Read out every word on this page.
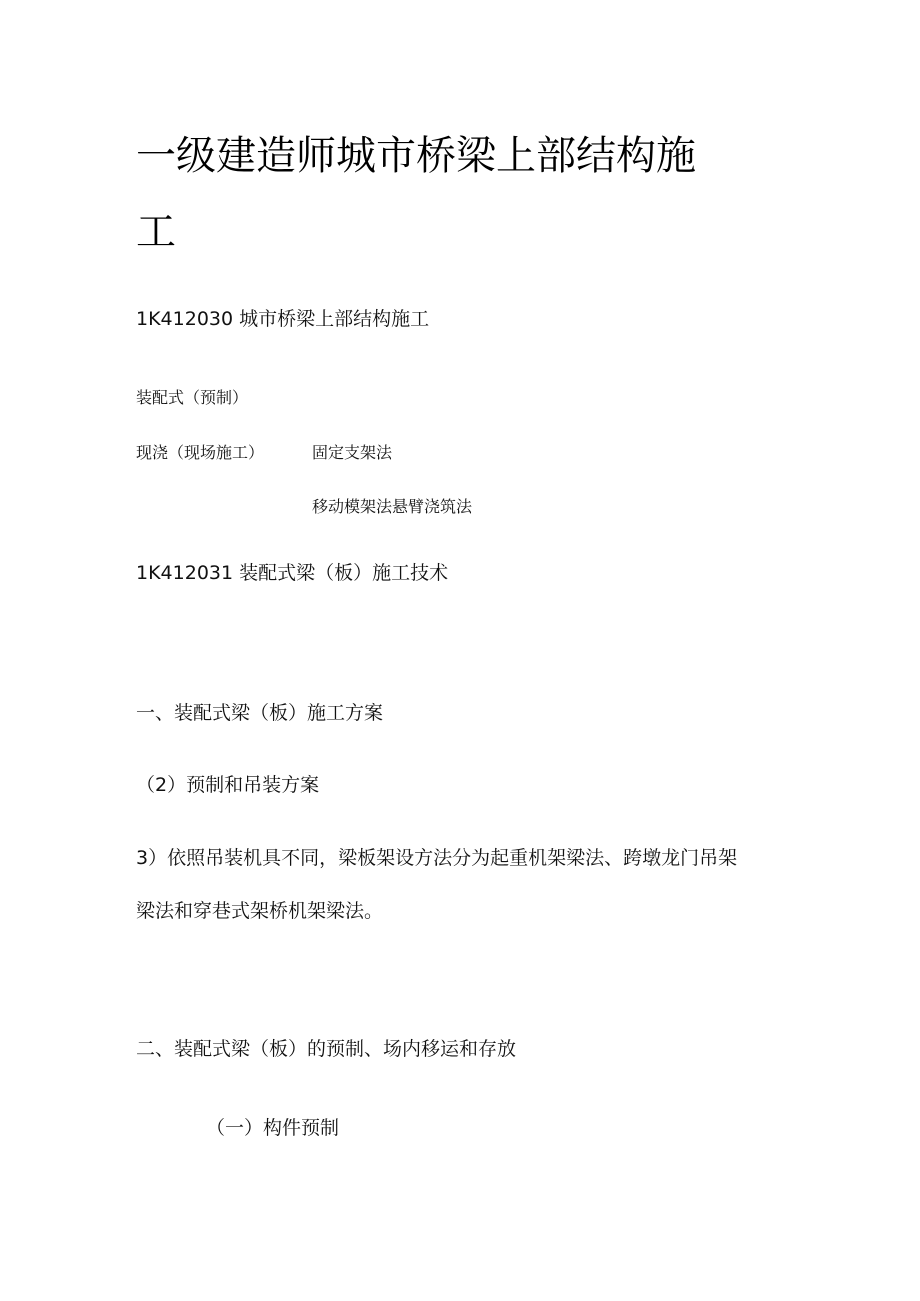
一级建造师城市桥梁上部结构施
工

1K412030 城市桥梁上部结构施工

装配式（预制）

现浇（现场施工）	固定支架法

移动模架法悬臂浇筑法

1K412031 装配式梁（板）施工技术

一、装配式梁（板）施工方案

（2）预制和吊装方案

3）依照吊装机具不同，梁板架设方法分为起重机架梁法、跨墩龙门吊架

梁法和穿巷式架桥机架梁法。

二、装配式梁（板）的预制、场内移运和存放

（一）构件预制
